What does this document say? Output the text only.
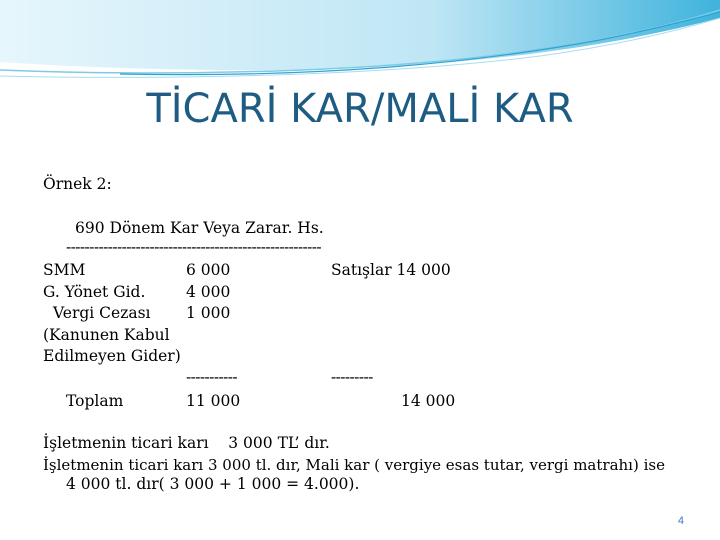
TİCARİ KAR/MALİ KAR
Örnek 2:
690 Dönem Kar Veya Zarar. Hs.
-------------------------------------------------------
SMM	6 000	Satışlar 14 000
G. Yönet Gid.	4 000
Vergi Cezası 1 000
(Kanunen Kabul
Edilmeyen Gider)
-----------	---------
Toplam	11 000	14 000
İşletmenin ticari karı    3 000 TL’ dır.
İşletmenin ticari karı 3 000 tl. dır, Mali kar ( vergiye esas tutar, vergi matrahı) ise
4 000 tl. dır( 3 000 + 1 000 = 4.000).
4
